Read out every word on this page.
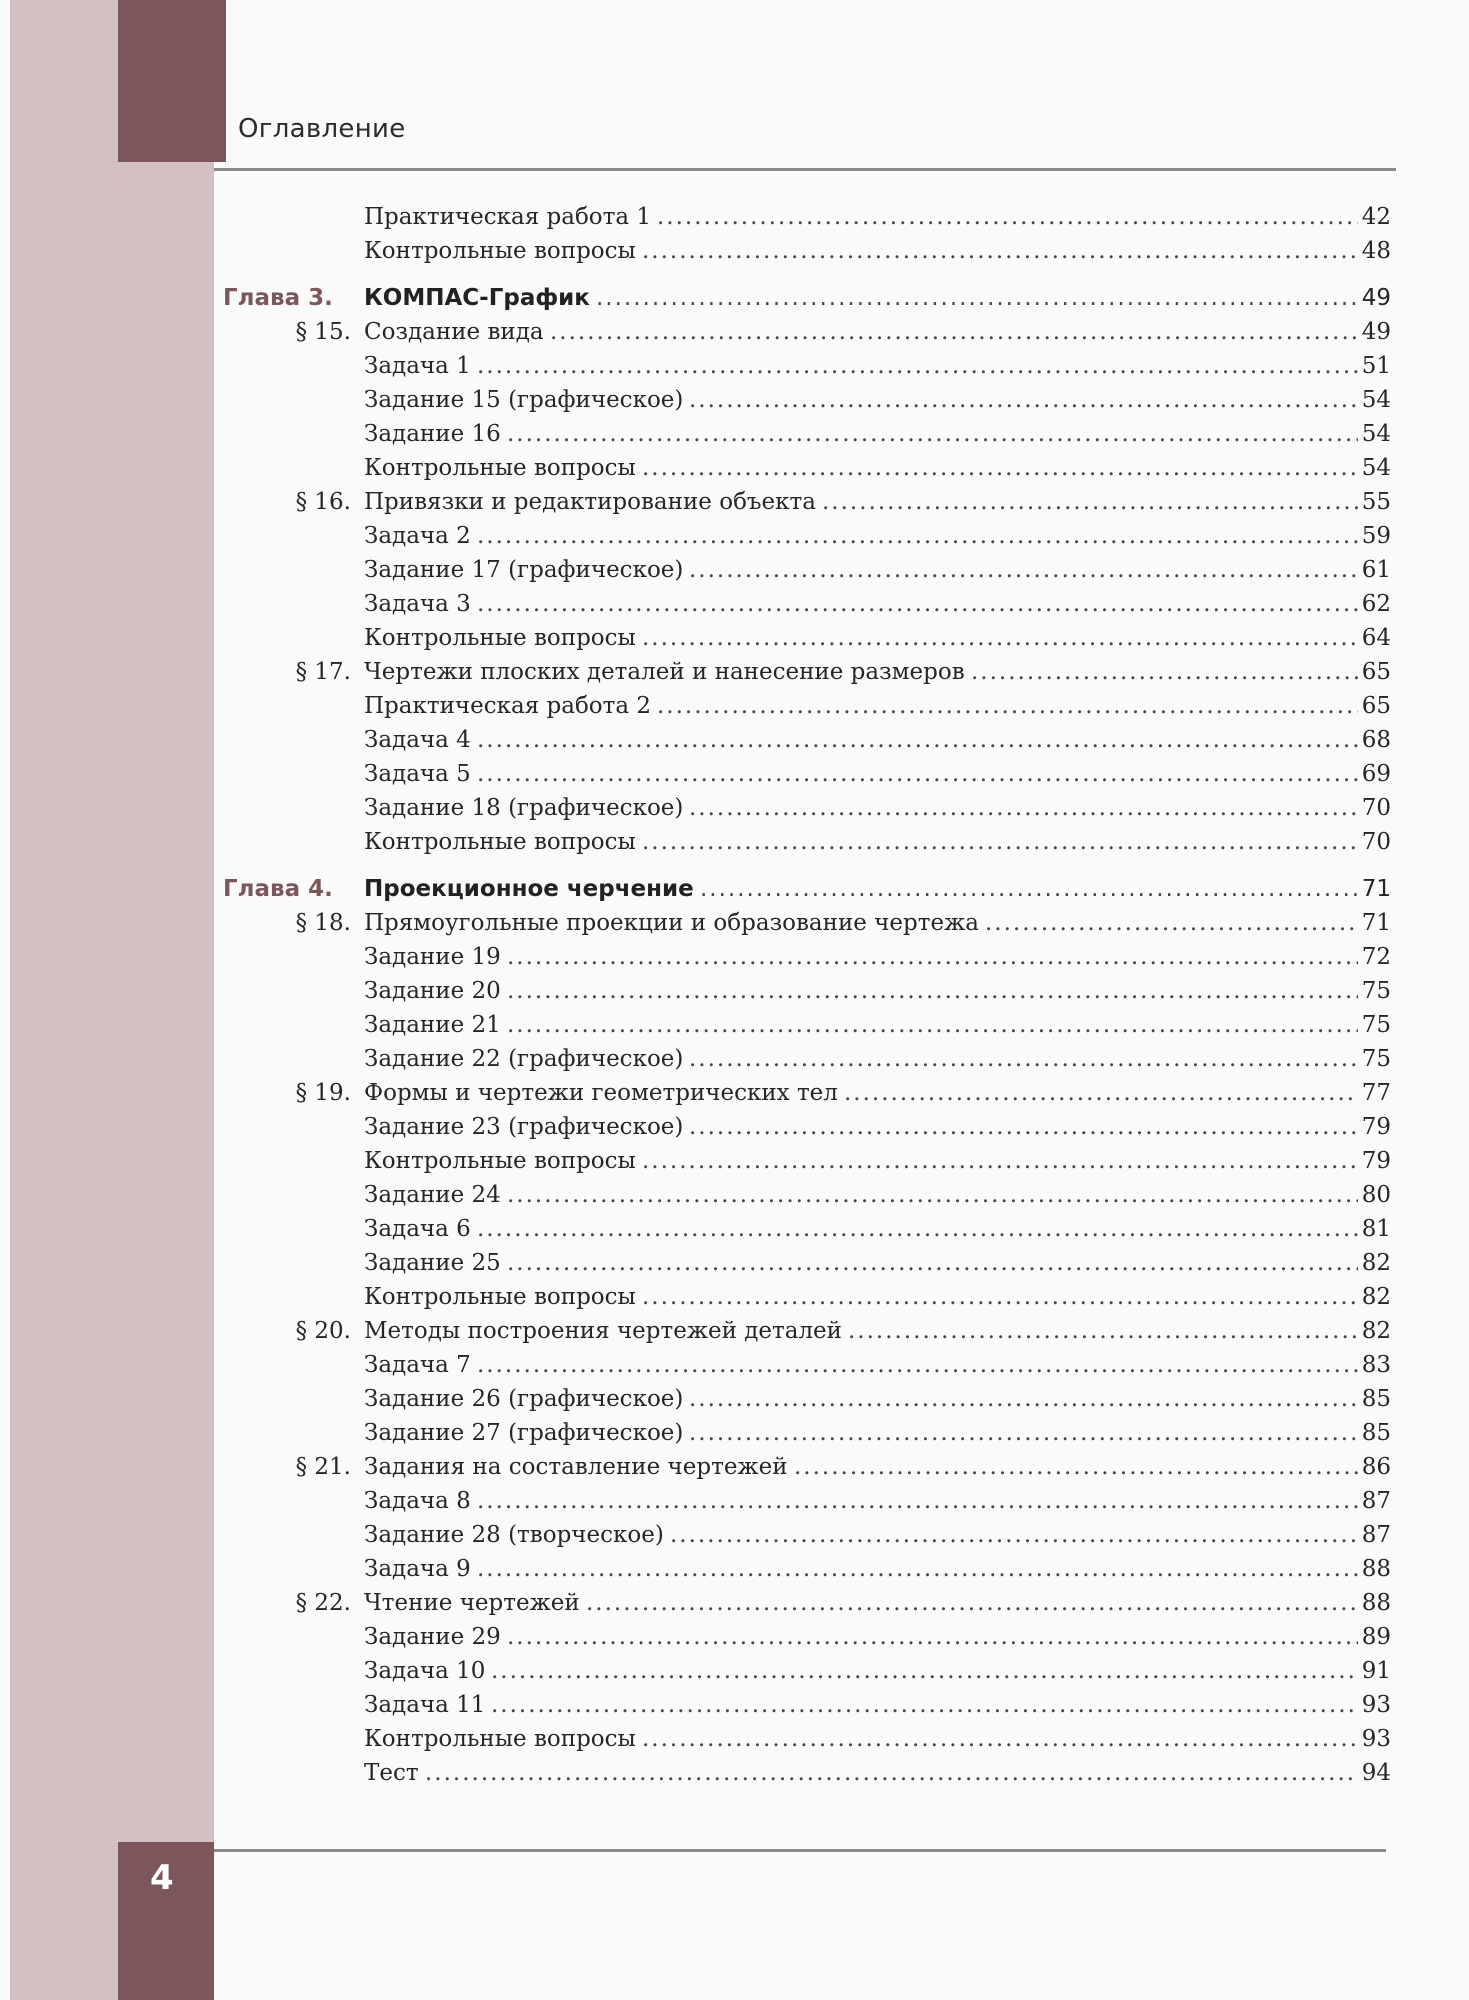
Оглавление
Практическая работа 1 .....	42
Контрольные вопросы .....	48
Глава 3. КОМПАС-График .....	49
§ 15. Создание вида .....	49
Задача 1 .....	51
Задание 15 (графическое) .....	54
Задание 16 .....	54
Контрольные вопросы .....	54
§ 16. Привязки и редактирование объекта .....	55
Задача 2 .....	59
Задание 17 (графическое) .....	61
Задача 3 .....	62
Контрольные вопросы .....	64
§ 17. Чертежи плоских деталей и нанесение размеров .....	65
Практическая работа 2 .....	65
Задача 4 .....	68
Задача 5 .....	69
Задание 18 (графическое) .....	70
Контрольные вопросы .....	70
Глава 4. Проекционное черчение .....	71
§ 18. Прямоугольные проекции и образование чертежа .....	71
Задание 19 .....	72
Задание 20 .....	75
Задание 21 .....	75
Задание 22 (графическое) .....	75
§ 19. Формы и чертежи геометрических тел .....	77
Задание 23 (графическое) .....	79
Контрольные вопросы .....	79
Задание 24 .....	80
Задача 6 .....	81
Задание 25 .....	82
Контрольные вопросы .....	82
§ 20. Методы построения чертежей деталей .....	82
Задача 7 .....	83
Задание 26 (графическое) .....	85
Задание 27 (графическое) .....	85
§ 21. Задания на составление чертежей .....	86
Задача 8 .....	87
Задание 28 (творческое) .....	87
Задача 9 .....	88
§ 22. Чтение чертежей .....	88
Задание 29 .....	89
Задача 10 .....	91
Задача 11 .....	93
Контрольные вопросы .....	93
Тест .....	94
4
